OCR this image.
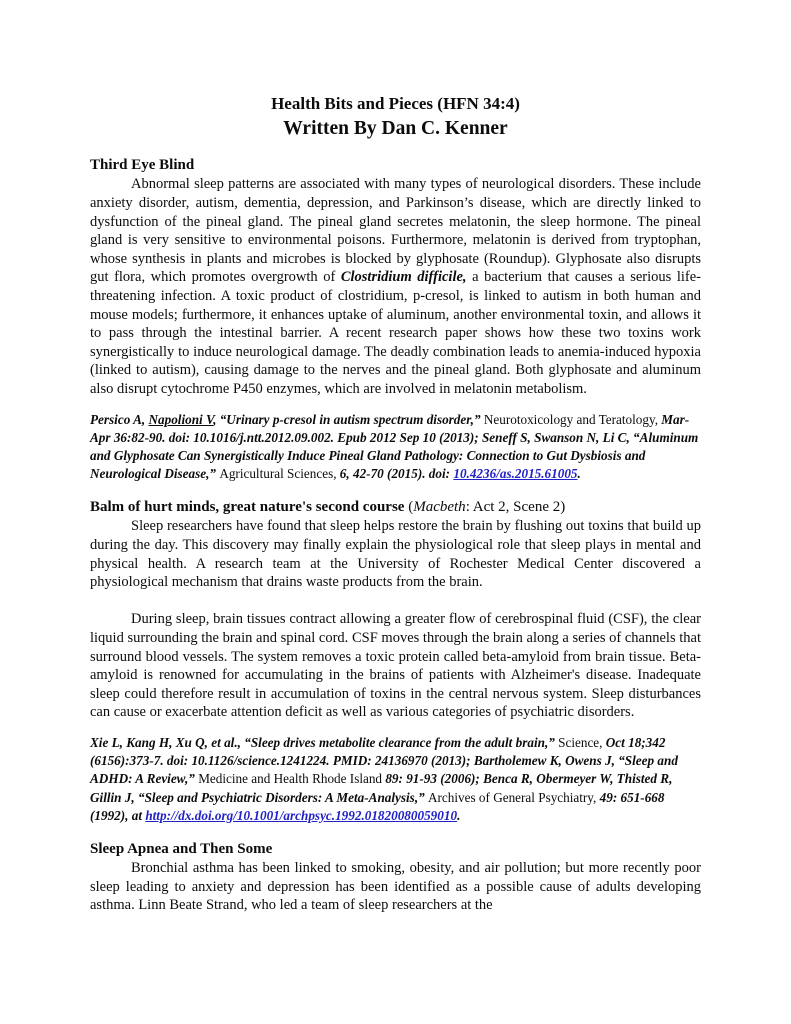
Health Bits and Pieces (HFN 34:4)
Written By Dan C. Kenner
Third Eye Blind

Abnormal sleep patterns are associated with many types of neurological disorders. These include anxiety disorder, autism, dementia, depression, and Parkinson’s disease, which are directly linked to dysfunction of the pineal gland. The pineal gland secretes melatonin, the sleep hormone. The pineal gland is very sensitive to environmental poisons. Furthermore, melatonin is derived from tryptophan, whose synthesis in plants and microbes is blocked by glyphosate (Roundup). Glyphosate also disrupts gut flora, which promotes overgrowth of Clostridium difficile, a bacterium that causes a serious life-threatening infection. A toxic product of clostridium, p-cresol, is linked to autism in both human and mouse models; furthermore, it enhances uptake of aluminum, another environmental toxin, and allows it to pass through the intestinal barrier. A recent research paper shows how these two toxins work synergistically to induce neurological damage. The deadly combination leads to anemia-induced hypoxia (linked to autism), causing damage to the nerves and the pineal gland. Both glyphosate and aluminum also disrupt cytochrome P450 enzymes, which are involved in melatonin metabolism.

Persico A, Napolioni V, “Urinary p-cresol in autism spectrum disorder,” Neurotoxicology and Teratology, Mar-Apr 36:82-90. doi: 10.1016/j.ntt.2012.09.002. Epub 2012 Sep 10 (2013); Seneff S, Swanson N, Li C, “Aluminum and Glyphosate Can Synergistically Induce Pineal Gland Pathology: Connection to Gut Dysbiosis and Neurological Disease,” Agricultural Sciences, 6, 42-70 (2015). doi: 10.4236/as.2015.61005.

Balm of hurt minds, great nature's second course (Macbeth: Act 2, Scene 2)

Sleep researchers have found that sleep helps restore the brain by flushing out toxins that build up during the day. This discovery may finally explain the physiological role that sleep plays in mental and physical health. A research team at the University of Rochester Medical Center discovered a physiological mechanism that drains waste products from the brain.

During sleep, brain tissues contract allowing a greater flow of cerebrospinal fluid (CSF), the clear liquid surrounding the brain and spinal cord. CSF moves through the brain along a series of channels that surround blood vessels. The system removes a toxic protein called beta-amyloid from brain tissue. Beta-amyloid is renowned for accumulating in the brains of patients with Alzheimer's disease. Inadequate sleep could therefore result in accumulation of toxins in the central nervous system. Sleep disturbances can cause or exacerbate attention deficit as well as various categories of psychiatric disorders.

Xie L, Kang H, Xu Q, et al., “Sleep drives metabolite clearance from the adult brain,” Science, Oct 18;342 (6156):373-7. doi: 10.1126/science.1241224. PMID: 24136970 (2013); Bartholemew K, Owens J, “Sleep and ADHD: A Review,” Medicine and Health Rhode Island 89: 91-93 (2006); Benca R, Obermeyer W, Thisted R, Gillin J, “Sleep and Psychiatric Disorders: A Meta-Analysis,” Archives of General Psychiatry, 49: 651-668 (1992), at http://dx.doi.org/10.1001/archpsyc.1992.01820080059010.

Sleep Apnea and Then Some

Bronchial asthma has been linked to smoking, obesity, and air pollution; but more recently poor sleep leading to anxiety and depression has been identified as a possible cause of adults developing asthma. Linn Beate Strand, who led a team of sleep researchers at the
